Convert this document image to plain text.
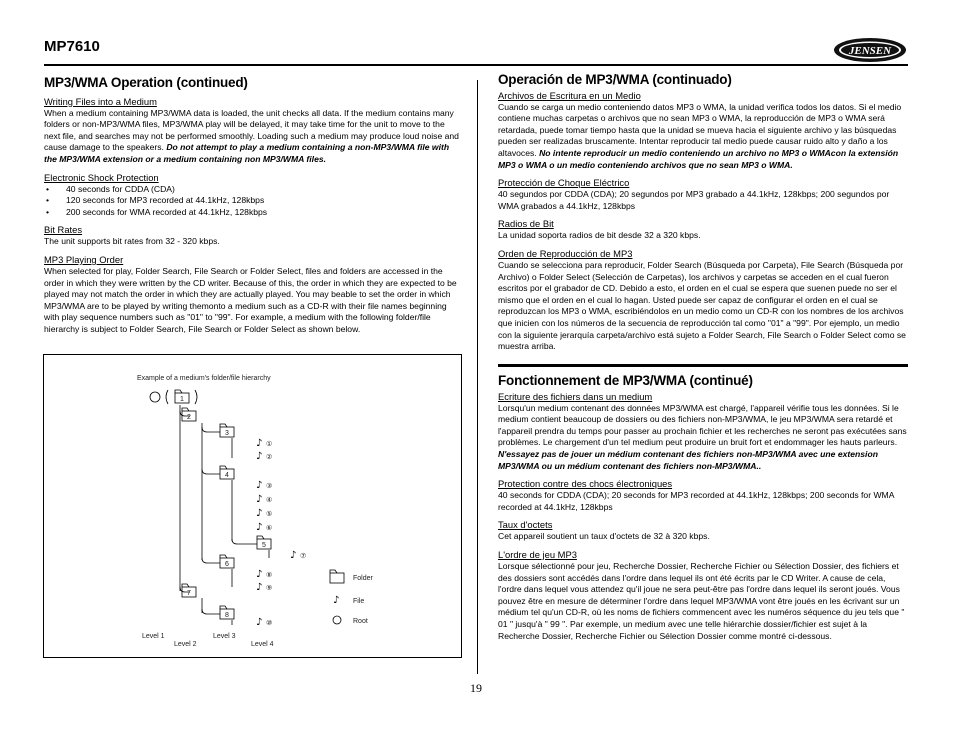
MP7610	JENSEN
MP3/WMA Operation (continued)
Writing Files into a Medium

When a medium containing MP3/WMA data is loaded, the unit checks all data. If the medium contains many folders or non-MP3/WMA files, MP3/WMA play will be delayed, it may take time for the unit to move to the next file, and searches may not be performed smoothly. Loading such a medium may produce loud noise and cause damage to the speakers. Do not attempt to play a medium containing a non-MP3/WMA file with the MP3/WMA extension or a medium containing non MP3/WMA files.

Electronic Shock Protection
• 40 seconds for CDDA (CDA)
• 120 seconds for MP3 recorded at 44.1kHz, 128kbps
• 200 seconds for WMA recorded at 44.1kHz, 128kbps
Bit Rates

The unit supports bit rates from 32 - 320 kbps.

MP3 Playing Order

When selected for play, Folder Search, File Search or Folder Select, files and folders are accessed in the order in which they were written by the CD writer. Because of this, the order in which they are expected to be played may not match the order in which they are actually played. You may beable to set the order in which MP3/WMA are to be played by writing themonto a medium such as a CD-R with their file names beginning with play sequence numbers such as "01" to "99". For example, a medium with the following folder/file hierarchy is subject to Folder Search, File Search or Folder Select as shown below.

1
2
3
4
5
6
7
8
♪ ①
♪ ②
♪ ③
♪ ④
♪ ⑤
♪ ⑥
♪ ⑦
♪ ⑧
♪ ⑨
♪ ⑩
♪
Example of a medium's folder/file hierarchy
Level 1
Level 2
Level 3
Level 4
Folder
File
Root
Operación de MP3/WMA (continuado)
Archivos de Escritura en un Medio

Cuando se carga un medio conteniendo datos MP3 o WMA, la unidad verifica todos los datos. Si el medio contiene muchas carpetas o archivos que no sean MP3 o WMA, la reproducción de MP3 o WMA será retardada, puede tomar tiempo hasta que la unidad se mueva hacia el siguiente archivo y las búsquedas pueden ser realizadas bruscamente. Intentar reproducir tal medio puede causar ruido alto y daño a los altavoces. No intente reproducir un medio conteniendo un archivo no MP3 o WMAcon la extensión MP3 o WMA o un medio conteniendo archivos que no sean MP3 o WMA.

Protección de Choque Eléctrico

40 segundos por CDDA (CDA); 20 segundos por MP3 grabado a 44.1kHz, 128kbps; 200 segundos por WMA grabados a 44.1kHz, 128kbps

Radios de Bit

La unidad soporta radios de bit desde 32 a 320 kbps.

Orden de Reproducción de MP3

Cuando se selecciona para reproducir, Folder Search (Búsqueda por Carpeta), File Search (Búsqueda por Archivo) o Folder Select (Selección de Carpetas), los archivos y carpetas se acceden en el cual fueron escritos por el grabador de CD. Debido a esto, el orden en el cual se espera que suenen puede no ser el mismo que el orden en el cual lo hagan. Usted puede ser capaz de configurar el orden en el cual se reproduzcan los MP3 o WMA, escribiéndolos en un medio como un CD-R con los nombres de los archivos que inicien con los números de la secuencia de reproducción tal como "01" a "99". Por ejemplo, un medio con la siguiente jerarquía carpeta/archivo está sujeto a Folder Search, File Search o Folder Select como se muestra arriba.

Fonctionnement de MP3/WMA (continué)
Ecriture des fichiers dans un medium

Lorsqu'un medium contenant des données MP3/WMA est chargé, l'appareil vérifie tous les données. Si le medium contient beaucoup de dossiers ou des fichiers non-MP3/WMA, le jeu MP3/WMA sera retardé et l'appareil prendra du temps pour passer au prochain fichier et les recherches ne seront pas exécutées sans problèmes. Le chargement d'un tel medium peut produire un bruit fort et endommager les hauts parleurs. N'essayez pas de jouer un médium contenant des fichiers non-MP3/WMA avec une extension MP3/WMA ou un médium contenant des fichiers non-MP3/WMA..

Protection contre des chocs électroniques

40 seconds for CDDA (CDA); 20 seconds for MP3 recorded at 44.1kHz, 128kbps; 200 seconds for WMA recorded at 44.1kHz, 128kbps

Taux d'octets

Cet appareil soutient un taux d'octets de 32 à 320 kbps.

L'ordre de jeu MP3

Lorsque sélectionné pour jeu, Recherche Dossier, Recherche Fichier ou Sélection Dossier, des fichiers et des dossiers sont accédés dans l'ordre dans lequel ils ont été écrits par le CD Writer. A cause de cela, l'ordre dans lequel vous attendez qu'il joue ne sera peut-être pas l'ordre dans lequel ils seront joués. Vous pouvez être en mesure de déterminer l'ordre dans lequel MP3/WMA vont être joués en les écrivant sur un médium tel qu'un CD-R, où les noms de fichiers commencent avec les numéros séquence du jeu tels que " 01 " jusqu'à " 99 ". Par exemple, un medium avec une telle hiérarchie dossier/fichier est sujet à la Recherche Dossier, Recherche Fichier ou Sélection Dossier comme montré ci-dessous.

19
